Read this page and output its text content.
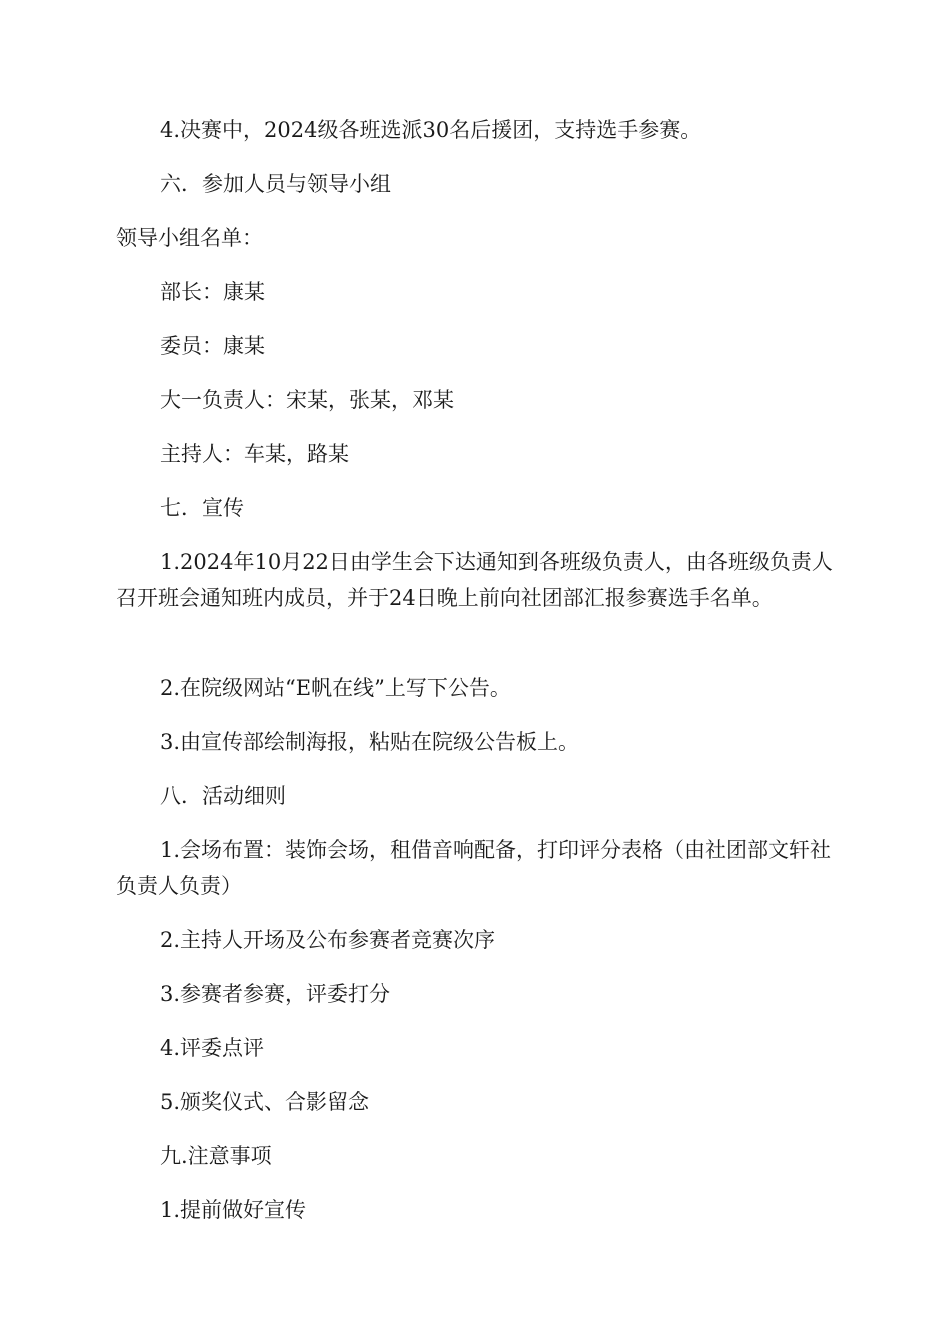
4.决赛中，2024级各班选派30名后援团，支持选手参赛。

六．参加人员与领导小组

领导小组名单：

部长：康某

委员：康某

大一负责人：宋某，张某，邓某

主持人：车某，路某

七．宣传

1.2024年10月22日由学生会下达通知到各班级负责人，由各班级负责人召开班会通知班内成员，并于24日晚上前向社团部汇报参赛选手名单。

2.在院级网站“E帆在线”上写下公告。

3.由宣传部绘制海报，粘贴在院级公告板上。

八．活动细则

1.会场布置：装饰会场，租借音响配备，打印评分表格（由社团部文轩社负责人负责）

2.主持人开场及公布参赛者竞赛次序

3.参赛者参赛，评委打分

4.评委点评

5.颁奖仪式、合影留念

九.注意事项

1.提前做好宣传
